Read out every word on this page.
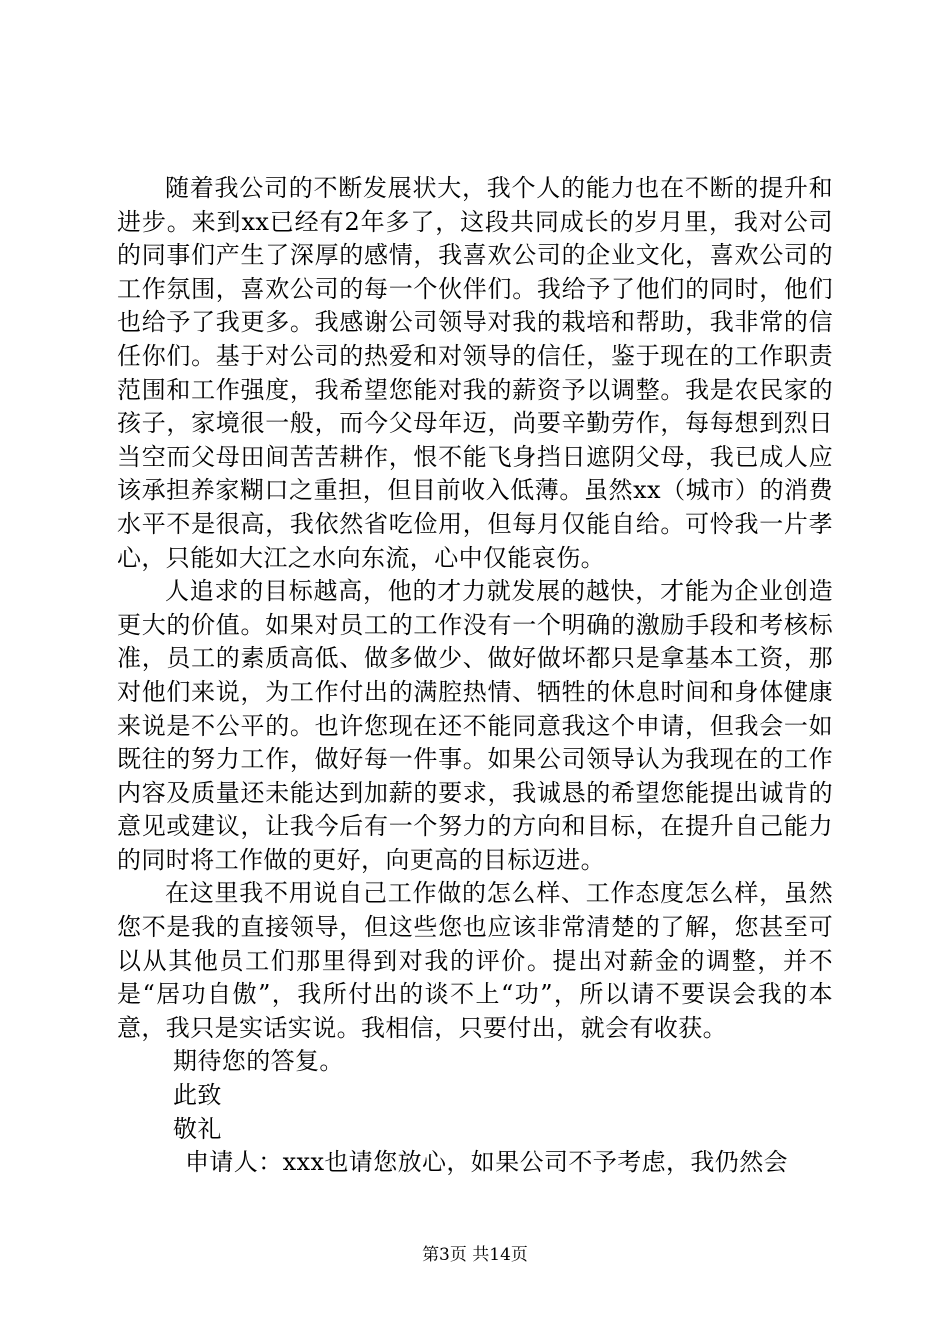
随着我公司的不断发展状大，我个人的能力也在不断的提升和进步。来到xx已经有2年多了，这段共同成长的岁月里，我对公司的同事们产生了深厚的感情，我喜欢公司的企业文化，喜欢公司的工作氛围，喜欢公司的每一个伙伴们。我给予了他们的同时，他们也给予了我更多。我感谢公司领导对我的栽培和帮助，我非常的信任你们。基于对公司的热爱和对领导的信任，鉴于现在的工作职责范围和工作强度，我希望您能对我的薪资予以调整。我是农民家的孩子，家境很一般，而今父母年迈，尚要辛勤劳作，每每想到烈日当空而父母田间苦苦耕作，恨不能飞身挡日遮阴父母，我已成人应该承担养家糊口之重担，但目前收入低薄。虽然xx（城市）的消费水平不是很高，我依然省吃俭用，但每月仅能自给。可怜我一片孝心，只能如大江之水向东流，心中仅能哀伤。

人追求的目标越高，他的才力就发展的越快，才能为企业创造更大的价值。如果对员工的工作没有一个明确的激励手段和考核标准，员工的素质高低、做多做少、做好做坏都只是拿基本工资，那对他们来说，为工作付出的满腔热情、牺牲的休息时间和身体健康来说是不公平的。也许您现在还不能同意我这个申请，但我会一如既往的努力工作，做好每一件事。如果公司领导认为我现在的工作内容及质量还未能达到加薪的要求，我诚恳的希望您能提出诚肯的意见或建议，让我今后有一个努力的方向和目标，在提升自己能力的同时将工作做的更好，向更高的目标迈进。

在这里我不用说自己工作做的怎么样、工作态度怎么样，虽然您不是我的直接领导，但这些您也应该非常清楚的了解，您甚至可以从其他员工们那里得到对我的评价。提出对薪金的调整，并不是“居功自傲”，我所付出的谈不上“功”，所以请不要误会我的本意，我只是实话实说。我相信，只要付出，就会有收获。

期待您的答复。

此致

敬礼

申请人：xxx也请您放心，如果公司不予考虑，我仍然会

第3页 共14页
